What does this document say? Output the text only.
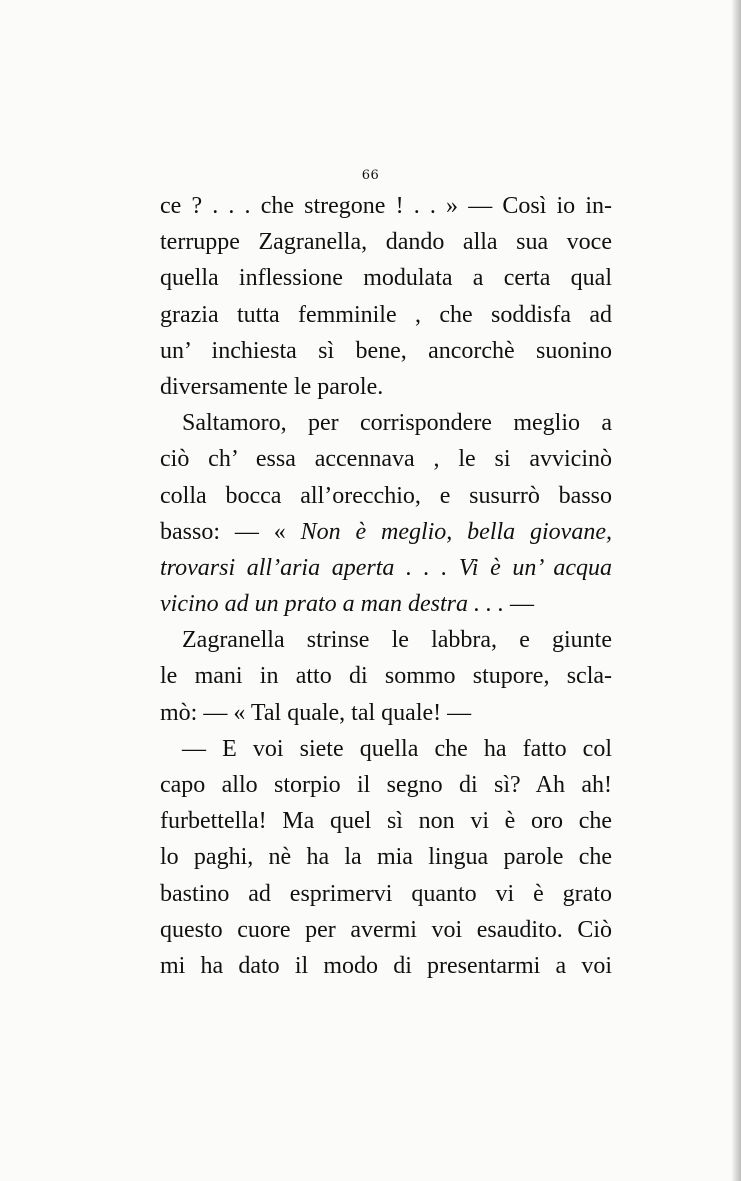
66
ce ? . . . che stregone ! . . » — Così io in-
terruppe Zagranella, dando alla sua voce
quella inflessione modulata a certa qual
grazia tutta femminile , che soddisfa ad
un’ inchiesta sì bene, ancorchè suonino
diversamente le parole.
Saltamoro, per corrispondere meglio a
ciò ch’ essa accennava , le si avvicinò
colla bocca all’orecchio, e susurrò basso
basso: — « Non è meglio, bella giovane,
trovarsi all’aria aperta . . . Vi è un’ acqua
vicino ad un prato a man destra . . . —
Zagranella strinse le labbra, e giunte
le mani in atto di sommo stupore, scla-
mò: — « Tal quale, tal quale! —
— E voi siete quella che ha fatto col
capo allo storpio il segno di sì? Ah ah!
furbettella! Ma quel sì non vi è oro che
lo paghi, nè ha la mia lingua parole che
bastino ad esprimervi quanto vi è grato
questo cuore per avermi voi esaudito. Ciò
mi ha dato il modo di presentarmi a voi
